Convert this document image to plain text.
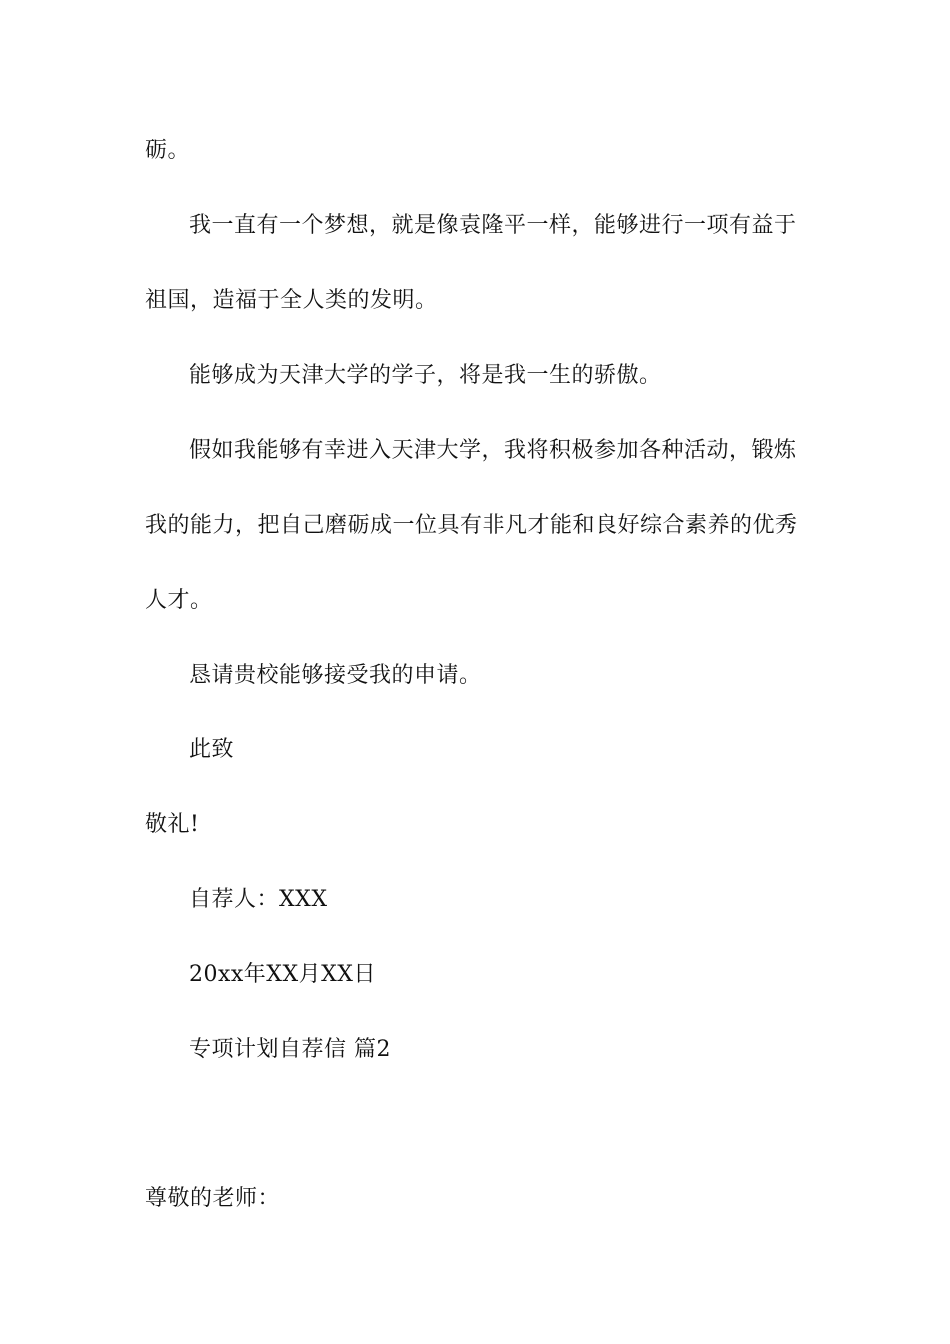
砺。
我一直有一个梦想，就是像袁隆平一样，能够进行一项有益于
祖国，造福于全人类的发明。
能够成为天津大学的学子，将是我一生的骄傲。
假如我能够有幸进入天津大学，我将积极参加各种活动，锻炼
我的能力，把自己磨砺成一位具有非凡才能和良好综合素养的优秀
人才。
恳请贵校能够接受我的申请。
此致
敬礼!
自荐人：XXX
20xx年XX月XX日
专项计划自荐信 篇2
尊敬的老师：
